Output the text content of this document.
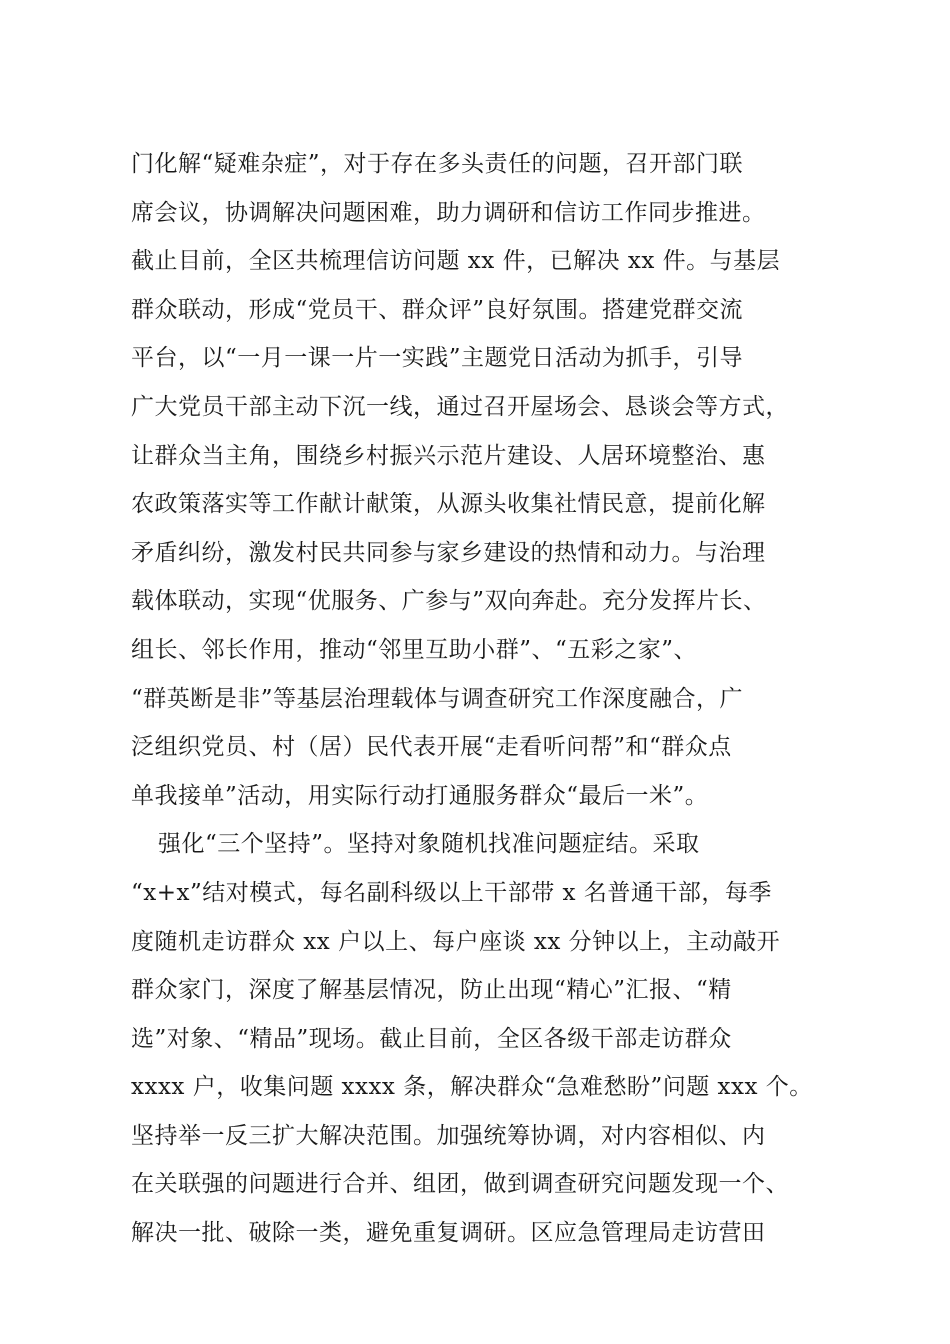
门化解“疑难杂症”，对于存在多头责任的问题，召开部门联
席会议，协调解决问题困难，助力调研和信访工作同步推进。
截止目前，全区共梳理信访问题 xx 件，已解决 xx 件。与基层
群众联动，形成“党员干、群众评”良好氛围。搭建党群交流
平台，以“一月一课一片一实践”主题党日活动为抓手，引导
广大党员干部主动下沉一线，通过召开屋场会、恳谈会等方式，
让群众当主角，围绕乡村振兴示范片建设、人居环境整治、惠
农政策落实等工作献计献策，从源头收集社情民意，提前化解
矛盾纠纷，激发村民共同参与家乡建设的热情和动力。与治理
载体联动，实现“优服务、广参与”双向奔赴。充分发挥片长、
组长、邻长作用，推动“邻里互助小群”、“五彩之家”、
“群英断是非”等基层治理载体与调查研究工作深度融合，广
泛组织党员、村（居）民代表开展“走看听问帮”和“群众点
单我接单”活动，用实际行动打通服务群众“最后一米”。
强化“三个坚持”。坚持对象随机找准问题症结。采取
“x+x”结对模式，每名副科级以上干部带 x 名普通干部，每季
度随机走访群众 xx 户以上、每户座谈 xx 分钟以上，主动敲开
群众家门，深度了解基层情况，防止出现“精心”汇报、“精
选”对象、“精品”现场。截止目前，全区各级干部走访群众
xxxx 户，收集问题 xxxx 条，解决群众“急难愁盼”问题 xxx 个。
坚持举一反三扩大解决范围。加强统筹协调，对内容相似、内
在关联强的问题进行合并、组团，做到调查研究问题发现一个、
解决一批、破除一类，避免重复调研。区应急管理局走访营田
